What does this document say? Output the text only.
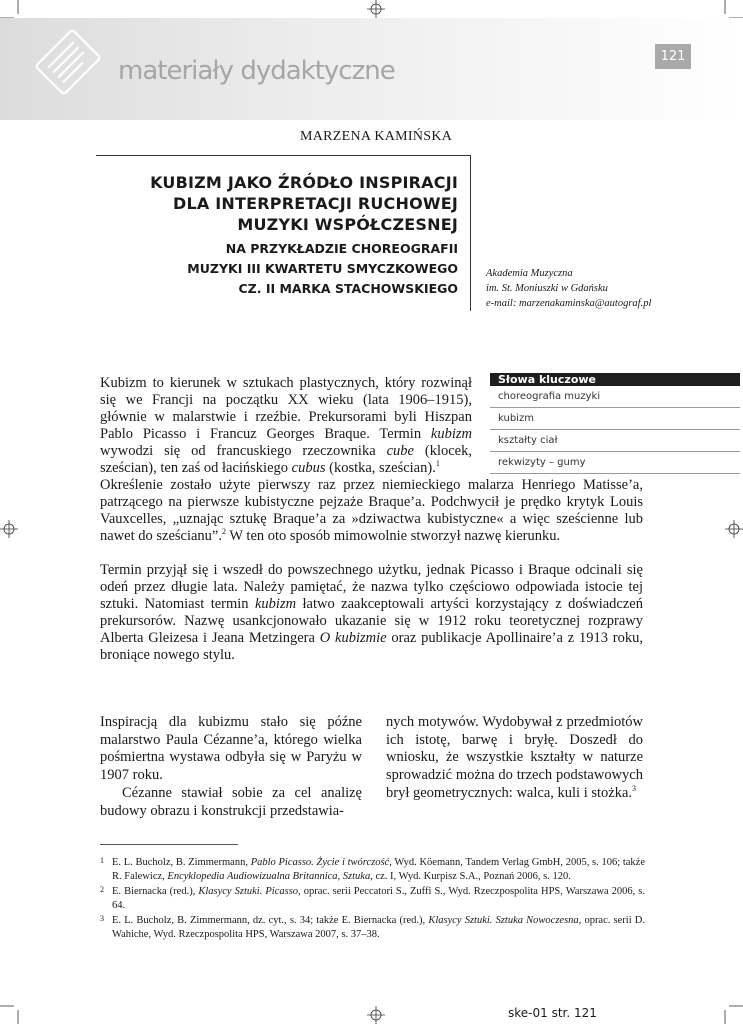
materiały dydaktyczne	121
MARZENA KAMIŃSKA
KUBIZM JAKO ŹRÓDŁO INSPIRACJI
DLA INTERPRETACJI RUCHOWEJ
MUZYKI WSPÓŁCZESNEJ
NA PRZYKŁADZIE CHOREOGRAFII
MUZYKI III KWARTETU SMYCZKOWEGO
CZ. II MARKA STACHOWSKIEGO
Akademia Muzyczna
im. St. Moniuszki w Gdańsku
e-mail: marzenakaminska@autograf.pl
Słowa kluczowe
choreografia muzyki
kubizm
kształty ciał
rekwizyty – gumy
Kubizm to kierunek w sztukach plastycznych, który rozwinął się we Francji na początku XX wieku (lata 1906–1915), głównie w malarstwie i rzeźbie. Prekursorami byli Hiszpan Pablo Picasso i Francuz Georges Braque. Termin kubizm wywodzi się od francuskiego rzeczownika cube (klocek, sześcian), ten zaś od łacińskiego cubus (kostka, sześcian).$^1$
Określenie zostało użyte pierwszy raz przez niemieckiego malarza Henriego Matisse’a, patrzącego na pierwsze kubistyczne pejzaże Braque’a. Podchwycił je prędko krytyk Louis Vauxcelles, „uznając sztukę Braque’a za »dziwactwa kubistyczne« a więc sześcienne lub nawet do sześcianu”.$^2$ W ten oto sposób mimowolnie stworzył nazwę kierunku.
Termin przyjął się i wszedł do powszechnego użytku, jednak Picasso i Braque odcinali się odeń przez długie lata. Należy pamiętać, że nazwa tylko częściowo odpowiada istocie tej sztuki. Natomiast termin kubizm łatwo zaakceptowali artyści korzystający z doświadczeń prekursorów. Nazwę usankcjonowało ukazanie się w 1912 roku teoretycznej rozprawy Alberta Gleizesa i Jeana Metzingera O kubizmie oraz publikacje Apollinaire’a z 1913 roku, broniące nowego stylu.
Inspiracją dla kubizmu stało się późne malarstwo Paula Cézanne’a, którego wielka pośmiertna wystawa odbyła się w Paryżu w 1907 roku.
Cézanne stawiał sobie za cel analizę budowy obrazu i konstrukcji przedstawia-
nych motywów. Wydobywał z przedmiotów ich istotę, barwę i bryłę. Doszedł do wniosku, że wszystkie kształty w naturze sprowadzić można do trzech podstawowych brył geometrycznych: walca, kuli i stożka.$^3$
1 E. L. Bucholz, B. Zimmermann, Pablo Picasso. Życie i twórczość, Wyd. Köemann, Tandem Verlag GmbH, 2005, s. 106; także R. Falewicz, Encyklopedia Audiowizualna Britannica, Sztuka, cz. I, Wyd. Kurpisz S.A., Poznań 2006, s. 120.
2 E. Biernacka (red.), Klasycy Sztuki. Picasso, oprac. serii Peccatori S., Zuffi S., Wyd. Rzeczpospolita HPS, Warszawa 2006, s. 64.
3 E. L. Bucholz, B. Zimmermann, dz. cyt., s. 34; także E. Biernacka (red.), Klasycy Sztuki. Sztuka Nowoczesna, oprac. serii D. Wahiche, Wyd. Rzeczpospolita HPS, Warszawa 2007, s. 37–38.
ske-01 str. 121
